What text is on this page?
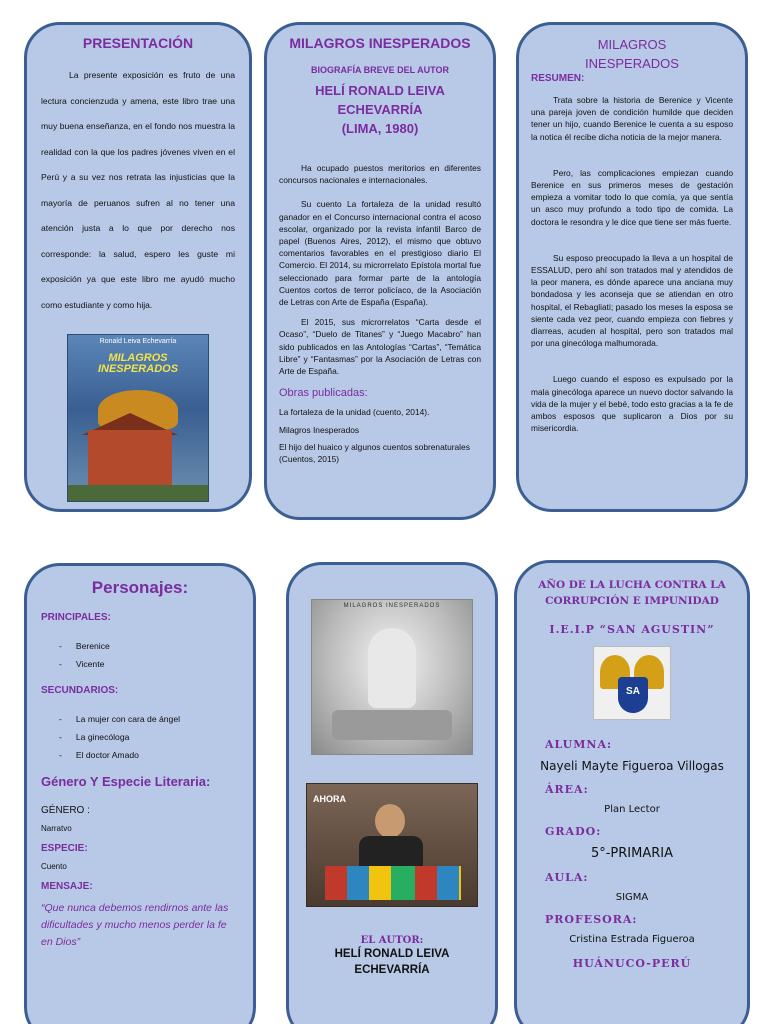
PRESENTACIÓN

La presente exposición es fruto de una lectura concienzuda y amena, este libro trae una muy buena enseñanza, en el fondo nos muestra la realidad con la que los padres jóvenes viven en el Perú y a su vez nos retrata las injusticias que la mayoría de peruanos sufren al no tener una atención justa a lo que por derecho nos corresponde: la salud, espero les guste mi exposición ya que este libro me ayudó mucho como estudiante y como hija.

Ronald Leiva Echevarría
MILAGROS INESPERADOS
MILAGROS INESPERADOS
BIOGRAFÍA BREVE DEL AUTOR
HELÍ RONALD LEIVA ECHEVARRÍA
(LIMA, 1980)

Ha ocupado puestos meritorios en diferentes concursos nacionales e internacionales.

Su cuento La fortaleza de la unidad resultó ganador en el Concurso internacional contra el acoso escolar, organizado por la revista infantil Barco de papel (Buenos Aires, 2012), el mismo que obtuvo comentarios favorables en el prestigioso diario El Comercio. El 2014, su microrrelato Epístola mortal fue seleccionado para formar parte de la antología Cuentos cortos de terror policíaco, de la Asociación de Letras con Arte de España (España).

El 2015, sus microrrelatos “Carta desde el Ocaso”, “Duelo de Titanes” y “Juego Macabro” han sido publicados en las Antologías “Cartas”, “Temática Libre” y “Fantasmas” por la Asociación de Letras con Arte de España.

Obras publicadas:
La fortaleza de la unidad (cuento, 2014).
Milagros Inesperados
El hijo del huaico y algunos cuentos sobrenaturales (Cuentos, 2015)
MILAGROS
INESPERADOS
RESUMEN:

Trata sobre la historia de Berenice y Vicente una pareja joven de condición humilde que deciden tener un hijo, cuando Berenice le cuenta a su esposo la notica él recibe dicha noticia de la mejor manera.

Pero, las complicaciones empiezan cuando Berenice en sus primeros meses de gestación empieza a vomitar todo lo que comía, ya que sentía un asco muy profundo a todo tipo de comida. La doctora le resondra y le dice que tiene ser más fuerte.

Su esposo preocupado la lleva a un hospital de ESSALUD, pero ahí son tratados mal y atendidos de la peor manera, es dónde aparece una anciana muy bondadosa y les aconseja que se atiendan en otro hospital, el Rebagliati; pasado los meses la esposa se siente cada vez peor, cuando empieza con fiebres y diarreas, acuden al hospital, pero son tratados mal por una ginecóloga malhumorada.

Luego cuando el esposo es expulsado por la mala ginecóloga aparece un nuevo doctor salvando la vida de la mujer y el bebé, todo esto gracias a la fe de ambos esposos que suplicaron a Dios por su misericordia.

Personajes:
PRINCIPALES:
- Berenice
- Vicente
SECUNDARIOS:
- La mujer con cara de ángel
- La ginecóloga
- El doctor Amado
Género Y Especie Literaria:
GÉNERO :
Narratvo
ESPECIE:
Cuento
MENSAJE:

“Que nunca debemos rendirnos ante las dificultades y mucho menos perder la fe en Dios”

MILAGROS INESPERADOS
AHORA
EL AUTOR:
HELÍ RONALD LEIVA
ECHEVARRÍA
AÑO DE LA LUCHA CONTRA LA
CORRUPCIÓN E IMPUNIDAD
I.E.I.P “SAN AGUSTIN”
SA
ALUMNA:
Nayeli Mayte Figueroa Villogas
ÁREA:
Plan Lector
GRADO:
5°-PRIMARIA
AULA:
SIGMA
PROFESORA:
Cristina Estrada Figueroa
HUÁNUCO-PERÚ
